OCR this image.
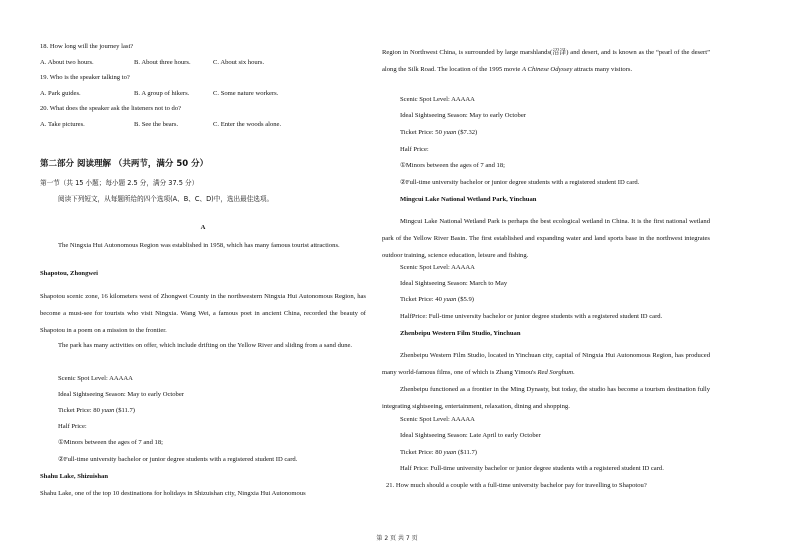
18. How long will the journey last?
A. About two hours.	B. About three hours.	C. About six hours.
19. Who is the speaker talking to?
A. Park guides.	B. A group of hikers.	C. Some nature workers.
20. What does the speaker ask the listeners not to do?
A. Take pictures.	B. See the bears.	C. Enter the woods alone.
第二部分 阅读理解 （共两节，满分 50 分）
第一节（共 15 小题；每小题 2.5 分，满分 37.5 分）
阅读下列短文，从每题所给的四个选项(A、B、C、D)中，选出最佳选项。
A
The Ningxia Hui Autonomous Region was established in 1958, which has many famous tourist attractions.
Shapotou, Zhongwei
Shapotou scenic zone, 16 kilometers west of Zhongwei County in the northwestern Ningxia Hui Autonomous Region, has become a must-see for tourists who visit Ningxia. Wang Wei, a famous poet in ancient China, recorded the beauty of Shapotou in a poem on a mission to the frontier.
The park has many activities on offer, which include drifting on the Yellow River and sliding from a sand dune.
Scenic Spot Level: AAAAA
Ideal Sightseeing Season: May to early October
Ticket Price: 80 yuan ($11.7)
Half Price:
①Minors between the ages of 7 and 18;
②Full-time university bachelor or junior degree students with a registered student ID card.
Shahu Lake, Shizuishan
Shahu Lake, one of the top 10 destinations for holidays in Shizuishan city, Ningxia Hui Autonomous
Region in Northwest China, is surrounded by large marshlands(沼泽) and desert, and is known as the “pearl of the desert” along the Silk Road. The location of the 1995 movie A Chinese Odyssey attracts many visitors.
Scenic Spot Level: AAAAA
Ideal Sightseeing Season: May to early October
Ticket Price: 50 yuan ($7.32)
Half Price:
①Minors between the ages of 7 and 18;
②Full-time university bachelor or junior degree students with a registered student ID card.
Mingcui Lake National Wetland Park, Yinchuan
Mingcui Lake National Wetland Park is perhaps the best ecological wetland in China. It is the first national wetland park of the Yellow River Basin. The first established and expanding water and land sports base in the northwest integrates outdoor training, science education, leisure and fishing.
Scenic Spot Level: AAAAA
Ideal Sightseeing Season: March to May
Ticket Price: 40 yuan ($5.9)
HalfPrice: Full-time university bachelor or junior degree students with a registered student ID card.
Zhenbeipu Western Film Studio, Yinchuan
Zhenbeipu Western Film Studio, located in Yinchuan city, capital of Ningxia Hui Autonomous Region, has produced many world-famous films, one of which is Zhang Yimou's Red Sorghum.
Zhenbeipu functioned as a frontier in the Ming Dynasty, but today, the studio has become a tourism destination fully integrating sightseeing, entertainment, relaxation, dining and shopping.
Scenic Spot Level: AAAAA
Ideal Sightseeing Season: Late April to early October
Ticket Price: 80 yuan ($11.7)
Half Price: Full-time university bachelor or junior degree students with a registered student ID card.
21. How much should a couple with a full-time university bachelor pay for travelling to Shapotou?
第 2 页 共 7 页
